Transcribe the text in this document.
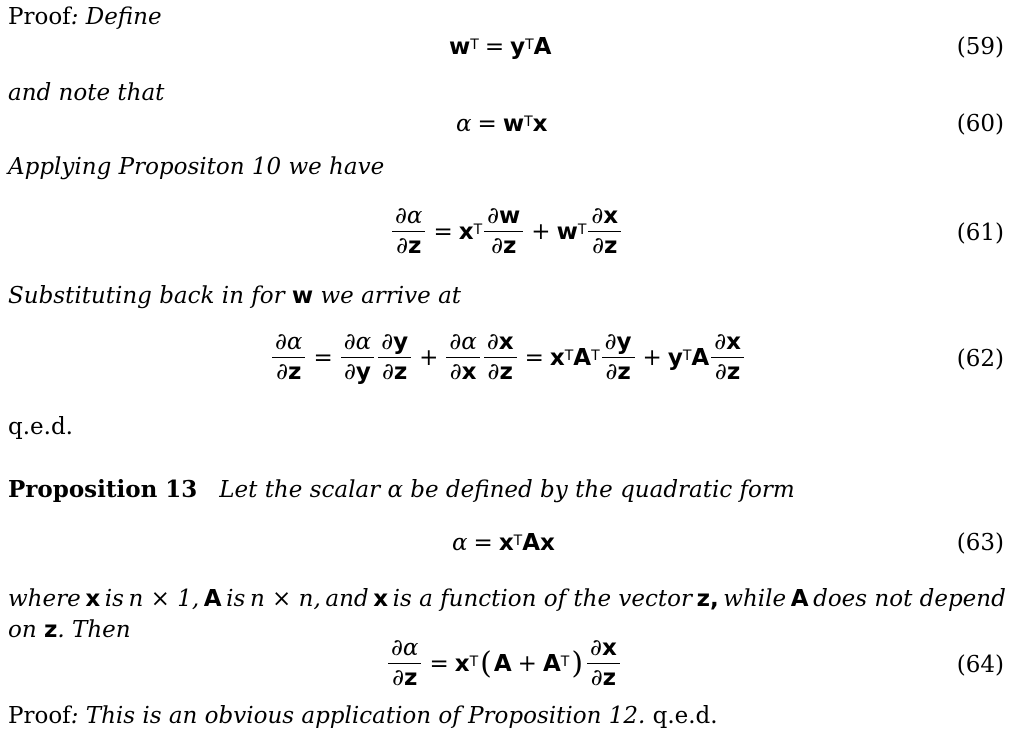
Proof: Define
$w^T = y^T$ A	(59)
and note that
$\alpha = w^T$ x	(60)
Applying Propositon 10 we have
$\frac{\partial\alpha}{\partial z} = x^T \frac{\partial w}{\partial z} + w^T \frac{\partial x}{\partial z}$	(61)
Substituting back in for w we arrive at
$\frac{\partial\alpha}{\partial z} = \frac{\partial\alpha}{\partial y} \frac{\partial y}{\partial z} + \frac{\partial\alpha}{\partial x} \frac{\partial x}{\partial z} = x^T$ $A^T \frac{\partial y}{\partial z} + y^T$ A $\frac{\partial x}{\partial z}$	(62)
q.e.d.
Proposition 13 Let the scalar α be defined by the quadratic form
$\alpha = x^T$ Ax	(63)
where x is n × 1, A is n × n, and x is a function of the vector z, while A does not depend
on z. Then
$\frac{\partial\alpha}{\partial z} = x^T$ ( $A + A^T$ ) $\frac{\partial x}{\partial z}$	(64)
Proof: This is an obvious application of Proposition 12. q.e.d.
